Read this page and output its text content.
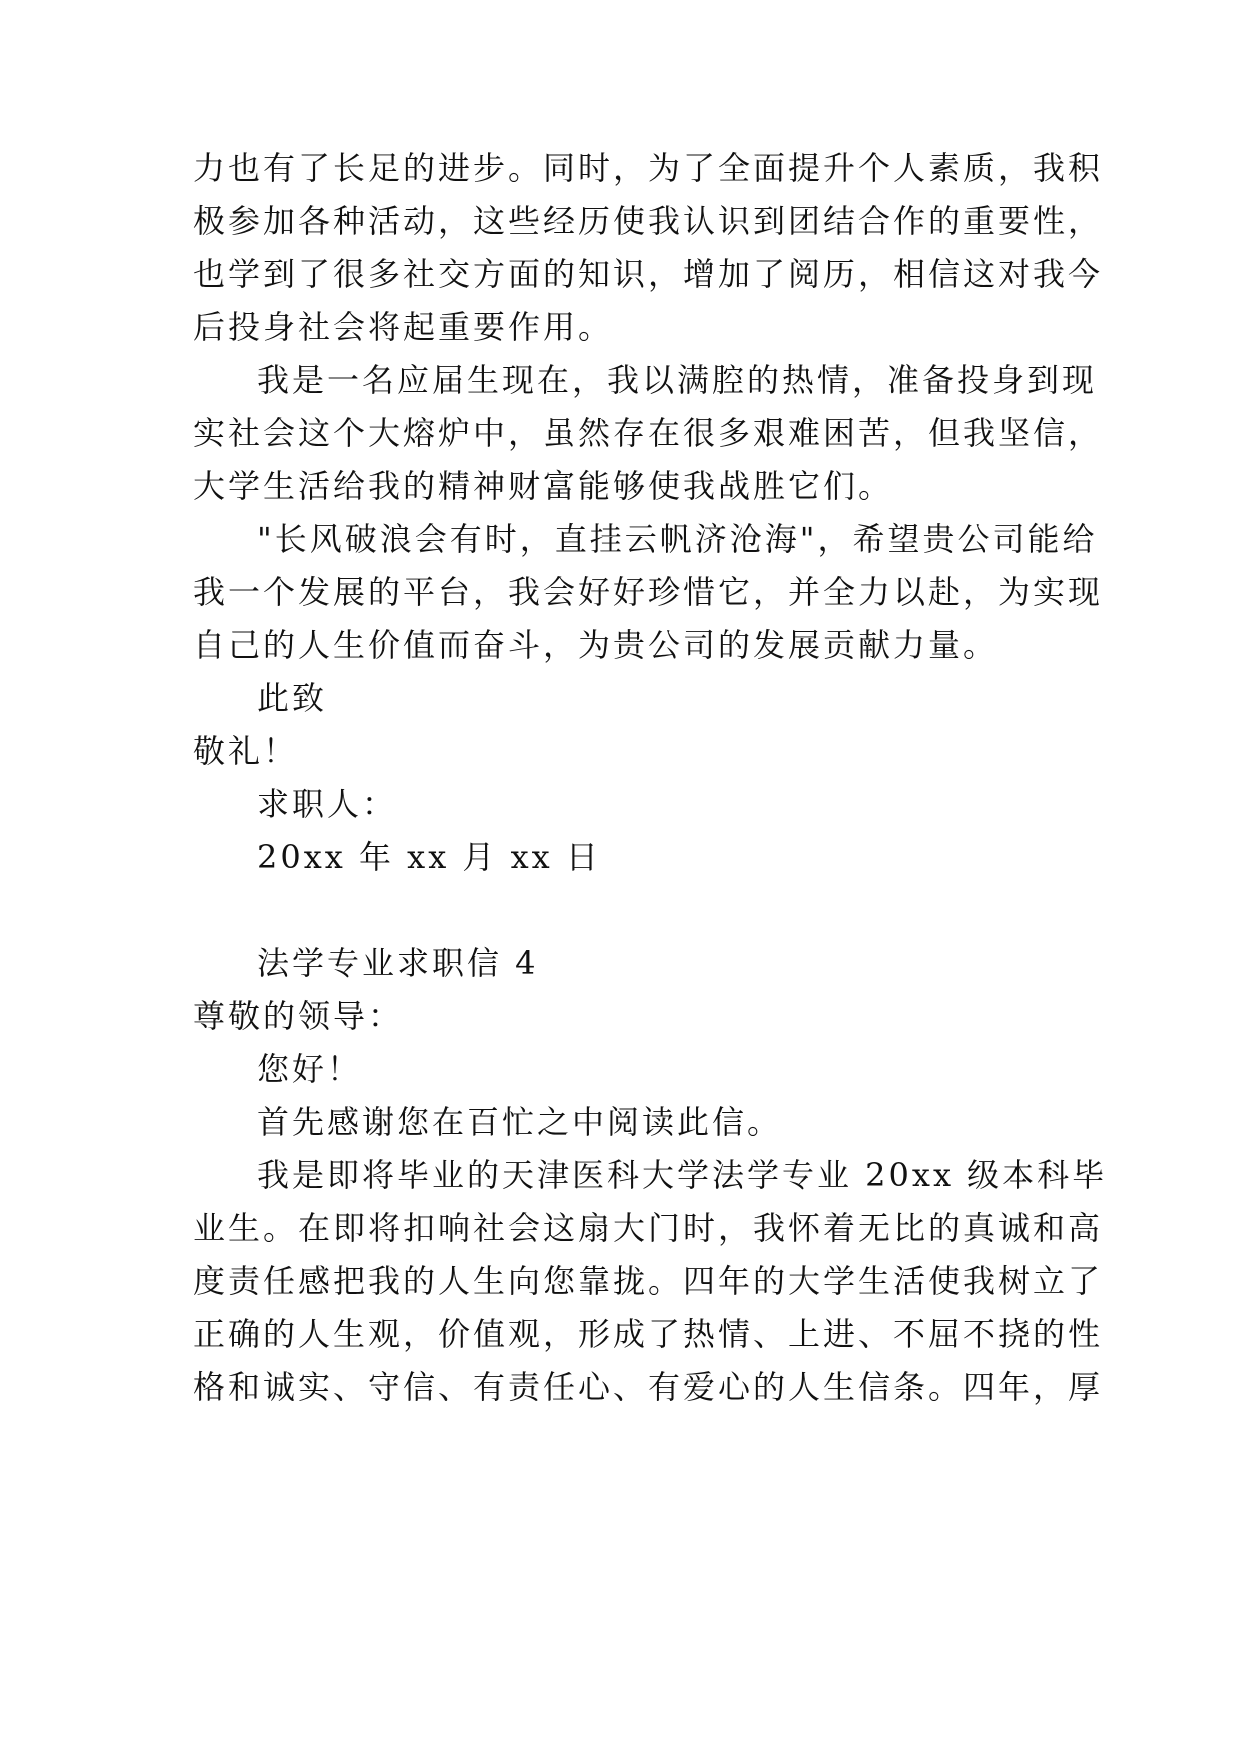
力也有了长足的进步。同时，为了全面提升个人素质，我积
极参加各种活动，这些经历使我认识到团结合作的重要性，
也学到了很多社交方面的知识，增加了阅历，相信这对我今
后投身社会将起重要作用。
我是一名应届生现在，我以满腔的热情，准备投身到现
实社会这个大熔炉中，虽然存在很多艰难困苦，但我坚信，
大学生活给我的精神财富能够使我战胜它们。
"长风破浪会有时，直挂云帆济沧海"，希望贵公司能给
我一个发展的平台，我会好好珍惜它，并全力以赴，为实现
自己的人生价值而奋斗，为贵公司的发展贡献力量。
此致
敬礼！
求职人：
20xx 年 xx 月 xx 日
法学专业求职信 4
尊敬的领导：
您好！
首先感谢您在百忙之中阅读此信。
我是即将毕业的天津医科大学法学专业 20xx 级本科毕
业生。在即将扣响社会这扇大门时，我怀着无比的真诚和高
度责任感把我的人生向您靠拢。四年的大学生活使我树立了
正确的人生观，价值观，形成了热情、上进、不屈不挠的性
格和诚实、守信、有责任心、有爱心的人生信条。四年，厚
